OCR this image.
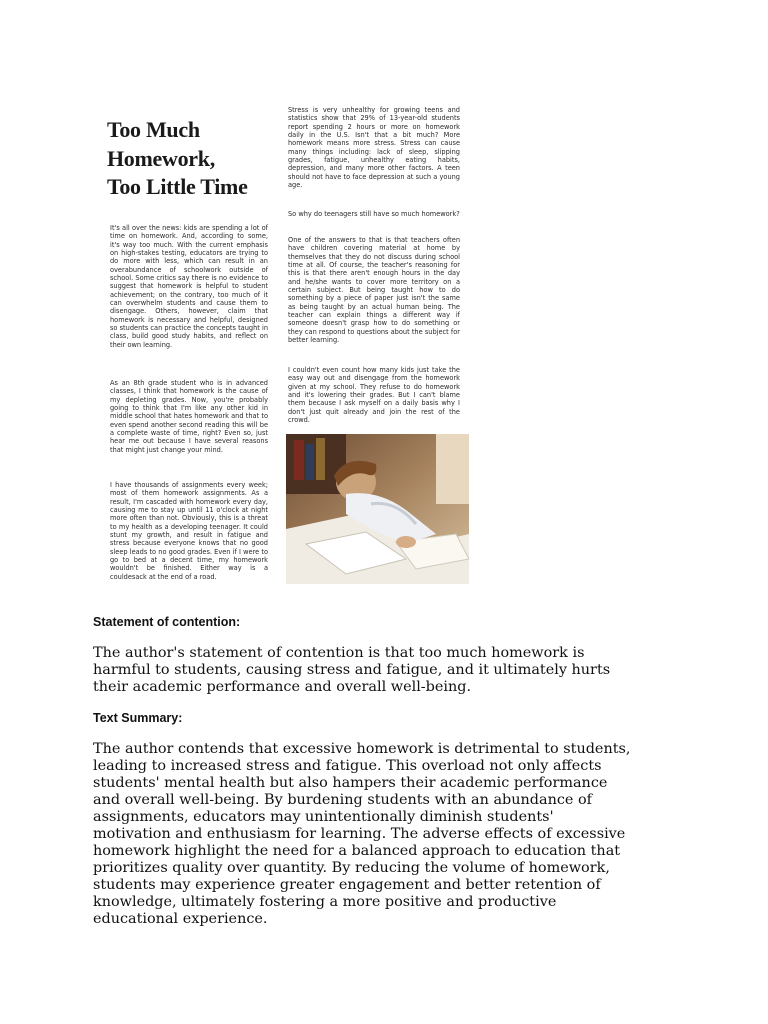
Too Much
Homework,
Too Little Time

It's all over the news: kids are spending a lot of time on homework. And, according to some, it's way too much. With the current emphasis on high-stakes testing, educators are trying to do more with less, which can result in an overabundance of schoolwork outside of school. Some critics say there is no evidence to suggest that homework is helpful to student achievement; on the contrary, too much of it can overwhelm students and cause them to disengage. Others, however, claim that homework is necessary and helpful, designed so students can practice the concepts taught in class, build good study habits, and reflect on their own learning.

As an 8th grade student who is in advanced classes, I think that homework is the cause of my depleting grades. Now, you're probably going to think that I'm like any other kid in middle school that hates homework and that to even spend another second reading this will be a complete waste of time, right? Even so, just hear me out because I have several reasons that might just change your mind.

I have thousands of assignments every week; most of them homework assignments. As a result, I'm cascaded with homework every day, causing me to stay up until 11 o'clock at night more often than not. Obviously, this is a threat to my health as a developing teenager. It could stunt my growth, and result in fatigue and stress because everyone knows that no good sleep leads to no good grades. Even if I were to go to bed at a decent time, my homework wouldn't be finished. Either way is a couldesack at the end of a road.

Stress is very unhealthy for growing teens and statistics show that 29% of 13-year-old students report spending 2 hours or more on homework daily in the U.S. Isn't that a bit much? More homework means more stress. Stress can cause many things including: lack of sleep, slipping grades, fatigue, unhealthy eating habits, depression, and many more other factors. A teen should not have to face depression at such a young age.

So why do teenagers still have so much homework?

One of the answers to that is that teachers often have children covering material at home by themselves that they do not discuss during school time at all. Of course, the teacher's reasoning for this is that there aren't enough hours in the day and he/she wants to cover more territory on a certain subject. But being taught how to do something by a piece of paper just isn't the same as being taught by an actual human being. The teacher can explain things a different way if someone doesn't grasp how to do something or they can respond to questions about the subject for better learning.

I couldn't even count how many kids just take the easy way out and disengage from the homework given at my school. They refuse to do homework and it's lowering their grades. But I can't blame them because I ask myself on a daily basis why I don't just quit already and join the rest of the crowd.

Statement of contention:
The author's statement of contention is that too much homework is
harmful to students, causing stress and fatigue, and it ultimately hurts
their academic performance and overall well-being.
Text Summary:
The author contends that excessive homework is detrimental to students,
leading to increased stress and fatigue. This overload not only affects
students' mental health but also hampers their academic performance
and overall well-being. By burdening students with an abundance of
assignments, educators may unintentionally diminish students'
motivation and enthusiasm for learning. The adverse effects of excessive
homework highlight the need for a balanced approach to education that
prioritizes quality over quantity. By reducing the volume of homework,
students may experience greater engagement and better retention of
knowledge, ultimately fostering a more positive and productive
educational experience.
